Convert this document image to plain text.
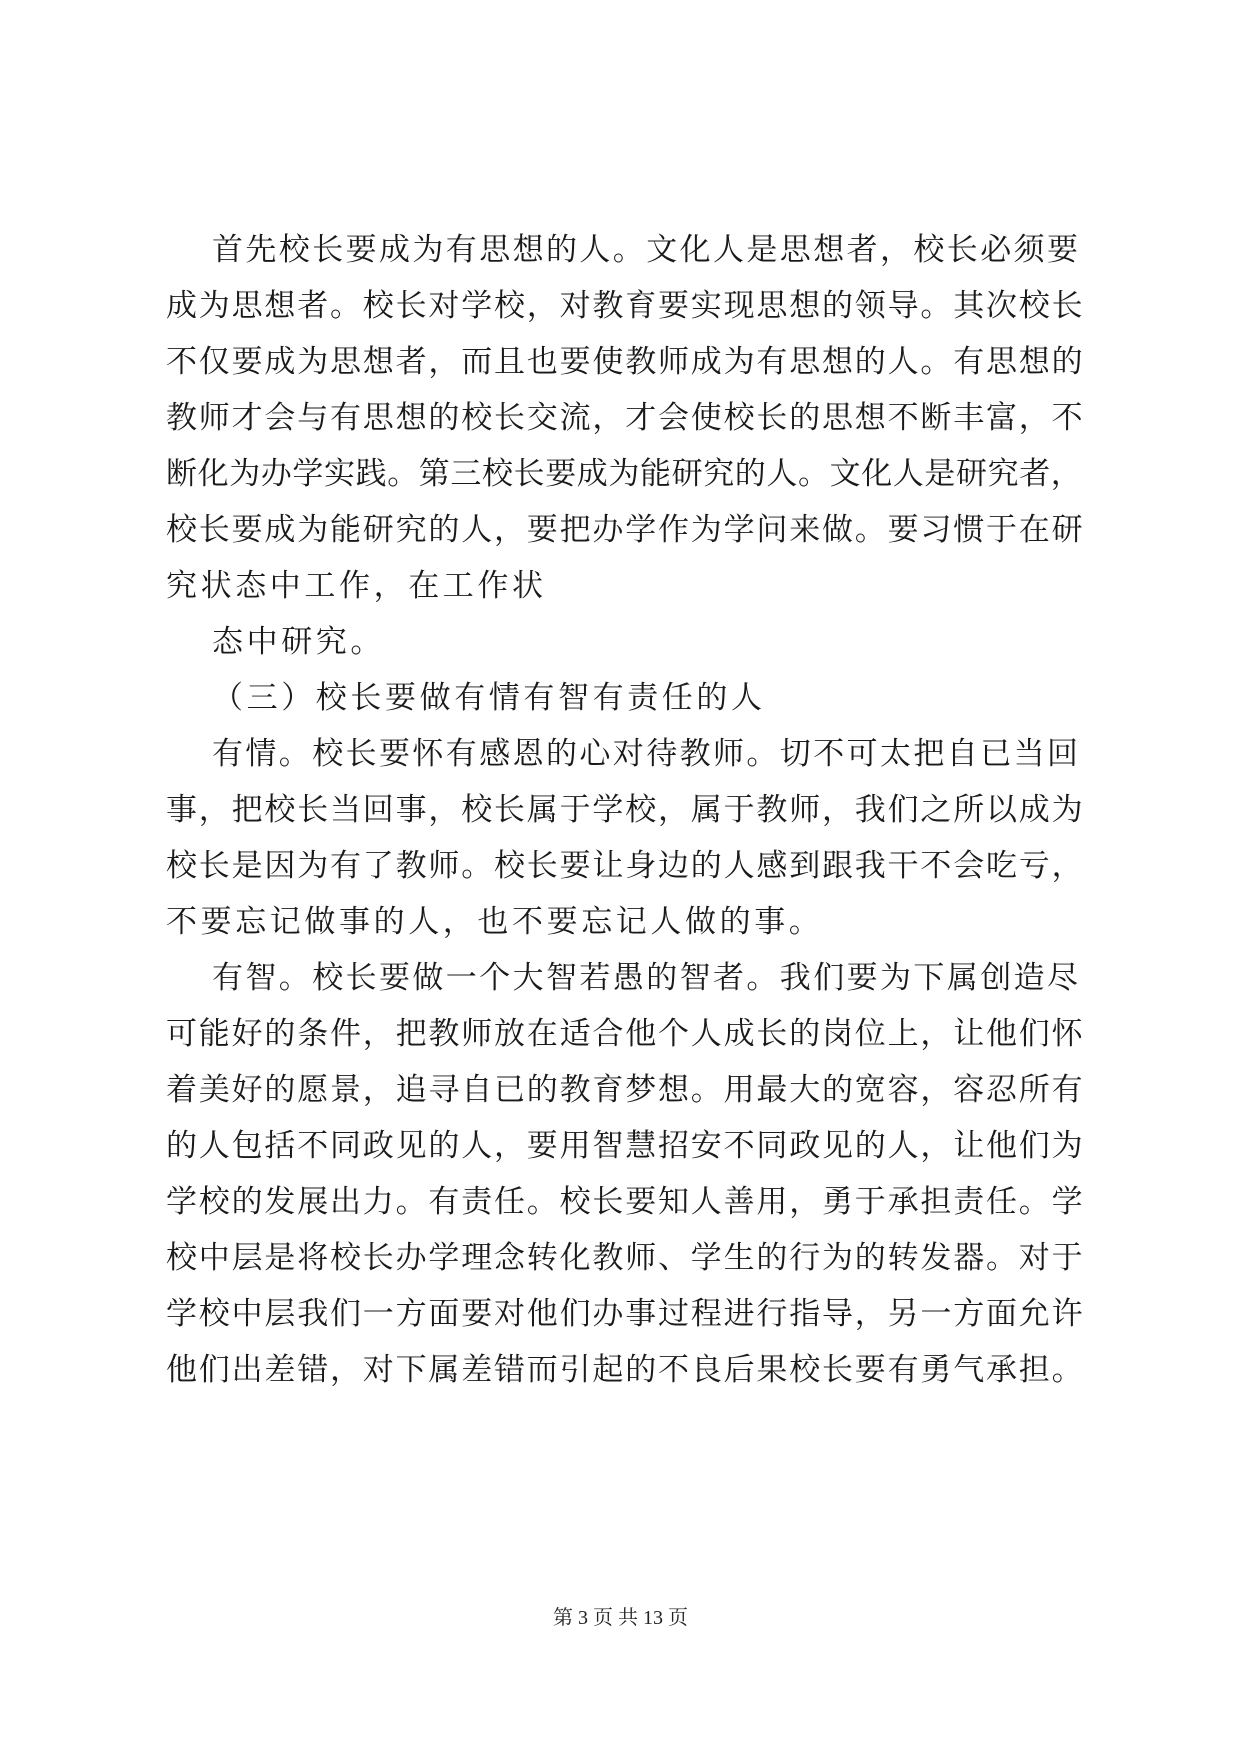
首先校长要成为有思想的人。文化人是思想者，校长必须要
成为思想者。校长对学校，对教育要实现思想的领导。其次校长
不仅要成为思想者，而且也要使教师成为有思想的人。有思想的
教师才会与有思想的校长交流，才会使校长的思想不断丰富，不
断化为办学实践。第三校长要成为能研究的人。文化人是研究者，
校长要成为能研究的人，要把办学作为学问来做。要习惯于在研
究状态中工作，在工作状
态中研究。
（三）校长要做有情有智有责任的人
有情。校长要怀有感恩的心对待教师。切不可太把自已当回
事，把校长当回事，校长属于学校，属于教师，我们之所以成为
校长是因为有了教师。校长要让身边的人感到跟我干不会吃亏，
不要忘记做事的人，也不要忘记人做的事。
有智。校长要做一个大智若愚的智者。我们要为下属创造尽
可能好的条件，把教师放在适合他个人成长的岗位上，让他们怀
着美好的愿景，追寻自已的教育梦想。用最大的宽容，容忍所有
的人包括不同政见的人，要用智慧招安不同政见的人，让他们为
学校的发展出力。有责任。校长要知人善用，勇于承担责任。学
校中层是将校长办学理念转化教师、学生的行为的转发器。对于
学校中层我们一方面要对他们办事过程进行指导，另一方面允许
他们出差错，对下属差错而引起的不良后果校长要有勇气承担。
第 3 页 共 13 页
